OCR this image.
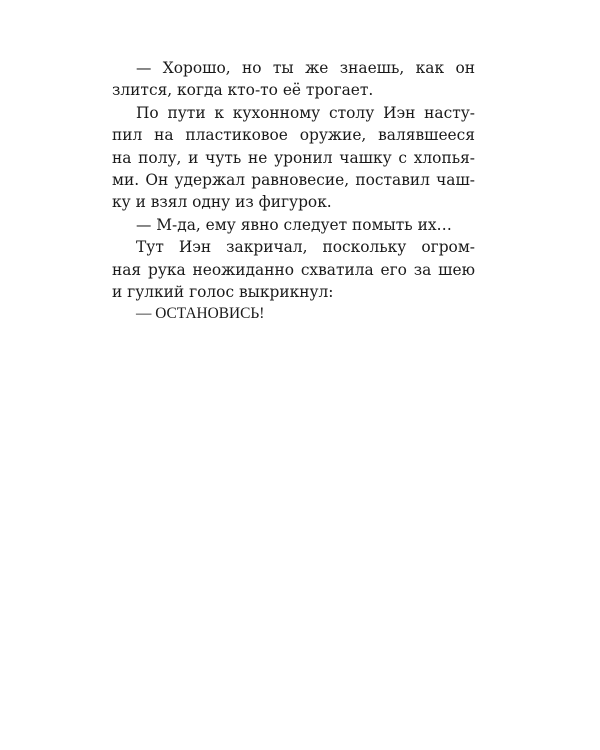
— Хорошо, но ты же знаешь, как он
злится, когда кто-то её трогает.
По пути к кухонному столу Иэн насту-
пил на пластиковое оружие, валявшееся
на полу, и чуть не уронил чашку с хлопья-
ми. Он удержал равновесие, поставил чаш-
ку и взял одну из фигурок.
— М-да, ему явно следует помыть их…
Тут Иэн закричал, поскольку огром-
ная рука неожиданно схватила его за шею
и гулкий голос выкрикнул:
— ОСТАНОВИСЬ!
